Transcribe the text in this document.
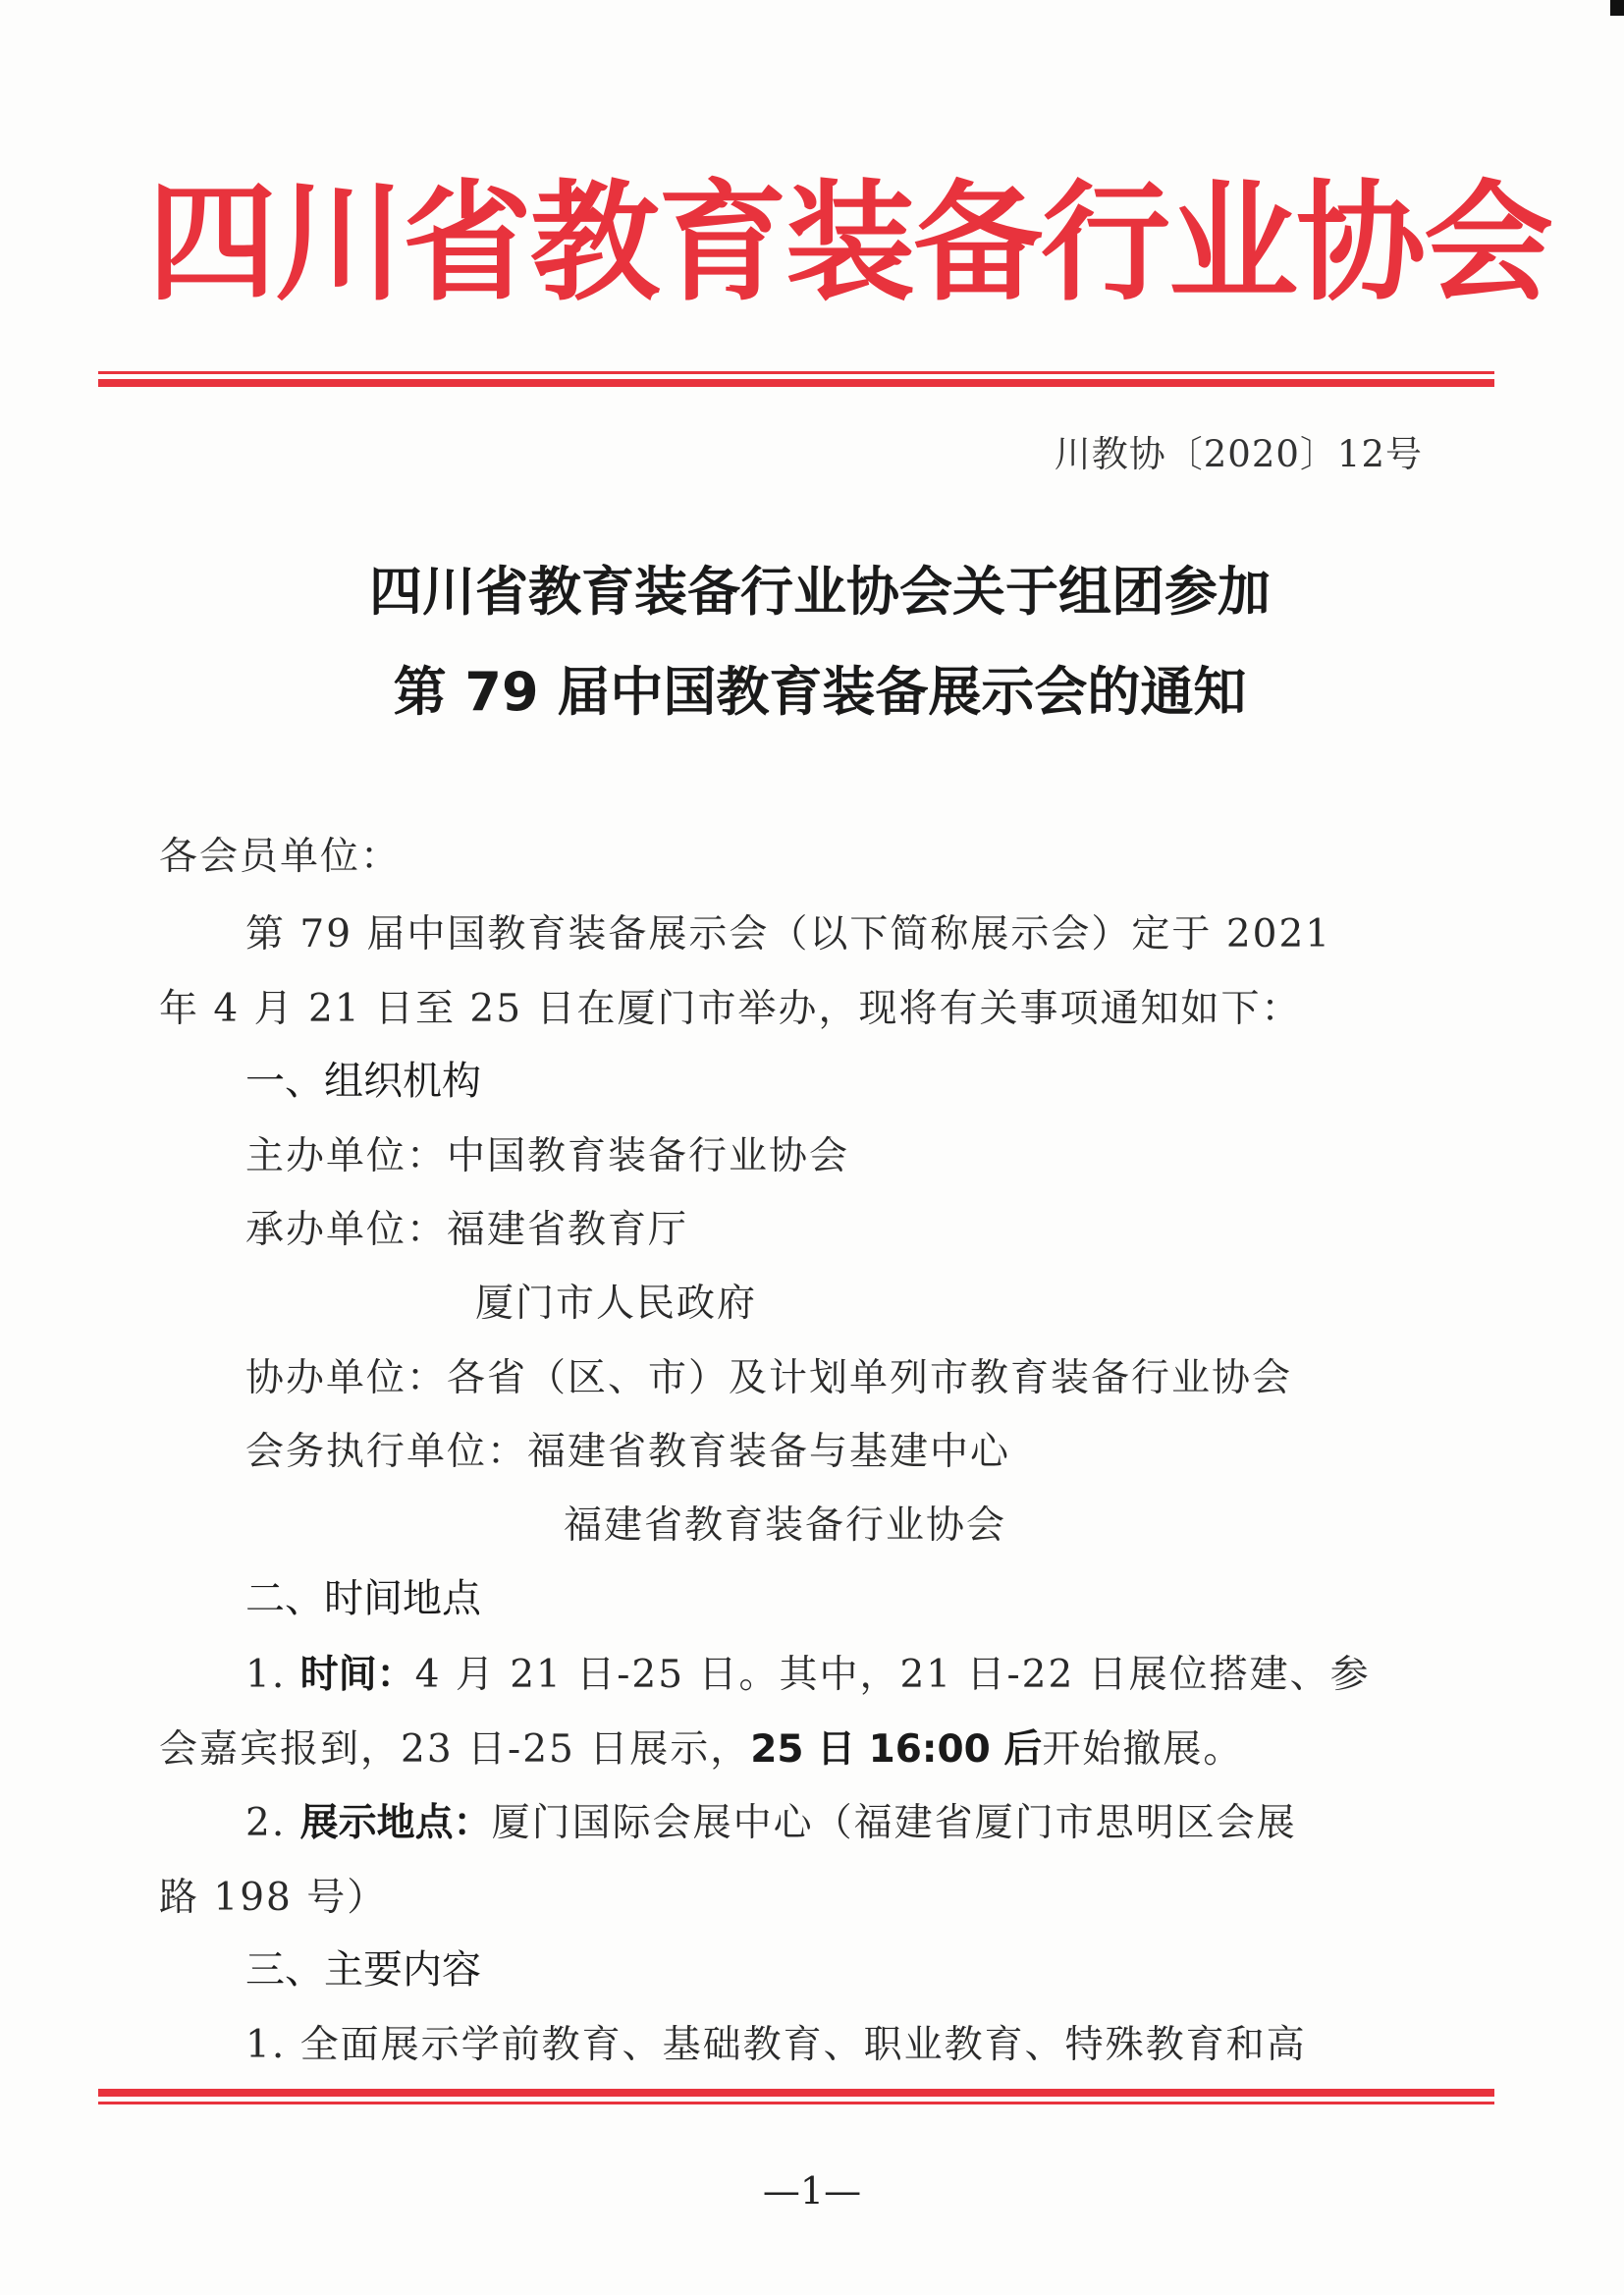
四川省教育装备行业协会
川教协〔2020〕12号
四川省教育装备行业协会关于组团参加
第 79 届中国教育装备展示会的通知
各会员单位：
第 79 届中国教育装备展示会（以下简称展示会）定于 2021
年 4 月 21 日至 25 日在厦门市举办，现将有关事项通知如下：
一、组织机构
主办单位：中国教育装备行业协会
承办单位：福建省教育厅
厦门市人民政府
协办单位：各省（区、市）及计划单列市教育装备行业协会
会务执行单位：福建省教育装备与基建中心
福建省教育装备行业协会
二、时间地点
1. 时间：4 月 21 日-25 日。其中，21 日-22 日展位搭建、参
会嘉宾报到，23 日-25 日展示，25 日 16:00 后开始撤展。
2. 展示地点：厦门国际会展中心（福建省厦门市思明区会展
路 198 号）
三、主要内容
1. 全面展示学前教育、基础教育、职业教育、特殊教育和高
—1—
